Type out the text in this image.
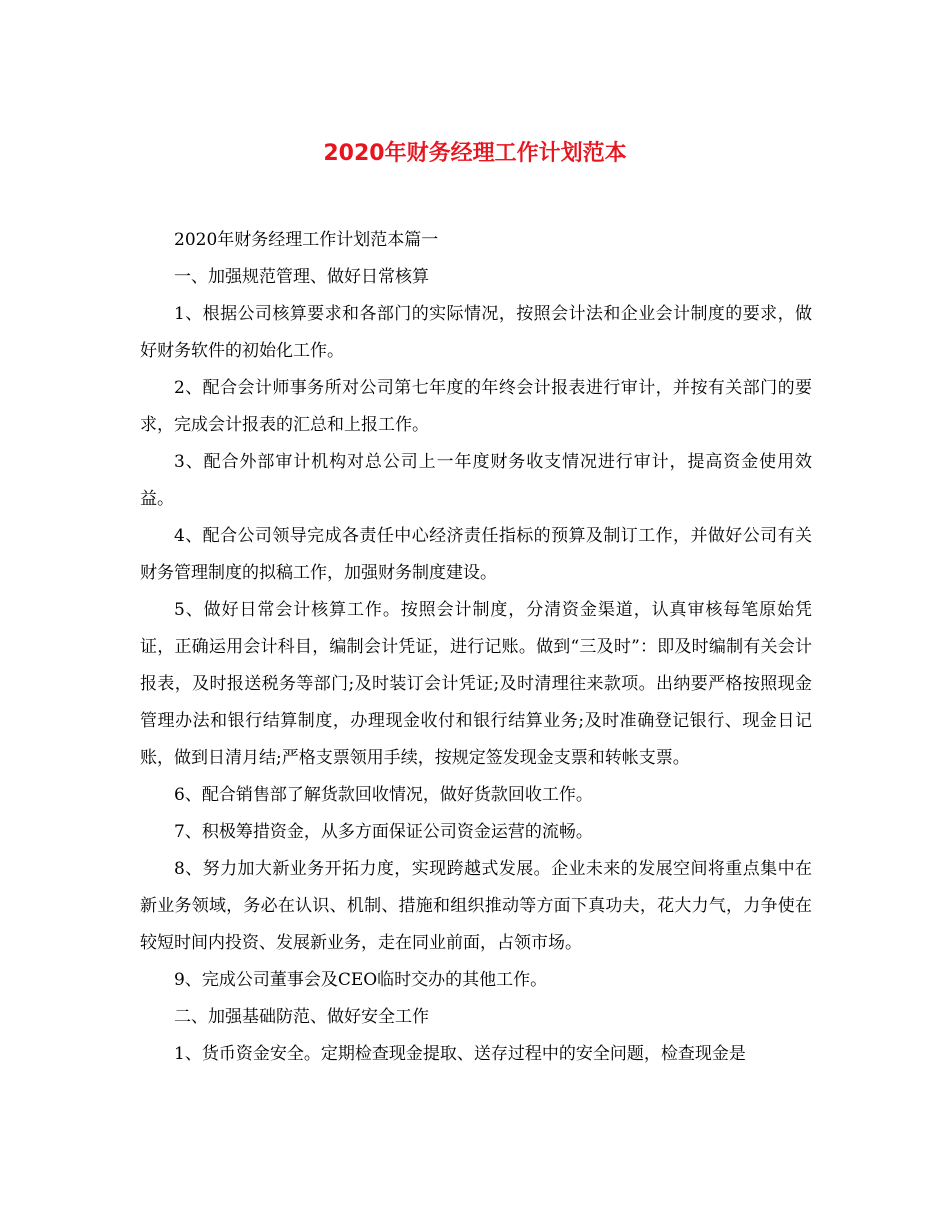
2020年财务经理工作计划范本

2020年财务经理工作计划范本篇一

一、加强规范管理、做好日常核算

1、根据公司核算要求和各部门的实际情况，按照会计法和企业会计制度的要求，做好财务软件的初始化工作。

2、配合会计师事务所对公司第七年度的年终会计报表进行审计，并按有关部门的要求，完成会计报表的汇总和上报工作。

3、配合外部审计机构对总公司上一年度财务收支情况进行审计，提高资金使用效益。

4、配合公司领导完成各责任中心经济责任指标的预算及制订工作，并做好公司有关财务管理制度的拟稿工作，加强财务制度建设。

5、做好日常会计核算工作。按照会计制度，分清资金渠道，认真审核每笔原始凭证，正确运用会计科目，编制会计凭证，进行记账。做到“三及时”：即及时编制有关会计报表，及时报送税务等部门;及时装订会计凭证;及时清理往来款项。出纳要严格按照现金管理办法和银行结算制度，办理现金收付和银行结算业务;及时准确登记银行、现金日记账，做到日清月结;严格支票领用手续，按规定签发现金支票和转帐支票。

6、配合销售部了解货款回收情况，做好货款回收工作。

7、积极筹措资金，从多方面保证公司资金运营的流畅。

8、努力加大新业务开拓力度，实现跨越式发展。企业未来的发展空间将重点集中在新业务领域，务必在认识、机制、措施和组织推动等方面下真功夫，花大力气，力争使在较短时间内投资、发展新业务，走在同业前面，占领市场。

9、完成公司董事会及CEO临时交办的其他工作。

二、加强基础防范、做好安全工作

1、货币资金安全。定期检查现金提取、送存过程中的安全问题，检查现金是
